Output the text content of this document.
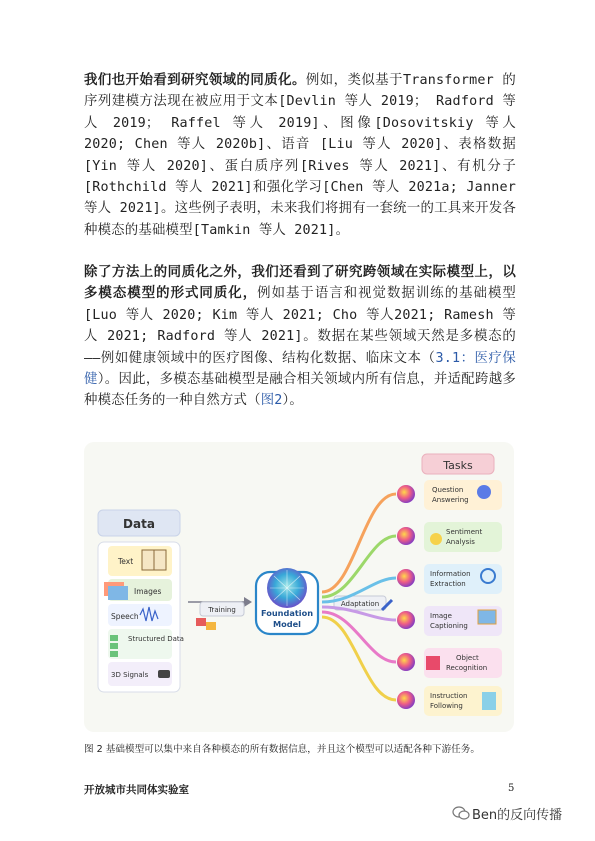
我们也开始看到研究领域的同质化。例如，类似基于Transformer 的序列建模方法现在被应用于文本[Devlin 等人 2019； Radford 等人 2019； Raffel 等人 2019]、图像[Dosovitskiy 等人 2020; Chen 等人 2020b]、语音 [Liu 等人 2020]、表格数据 [Yin 等人 2020]、蛋白质序列[Rives 等人 2021]、有机分子[Rothchild 等人 2021]和强化学习[Chen 等人 2021a; Janner 等人 2021]。这些例子表明，未来我们将拥有一套统一的工具来开发各种模态的基础模型[Tamkin 等人 2021]。
除了方法上的同质化之外，我们还看到了研究跨领域在实际模型上，以多模态模型的形式同质化，例如基于语言和视觉数据训练的基础模型[Luo 等人 2020; Kim 等人 2021; Cho 等人2021; Ramesh 等人 2021; Radford 等人 2021]。数据在某些领域天然是多模态的——例如健康领域中的医疗图像、结构化数据、临床文本（3.1：医疗保健）。因此，多模态基础模型是融合相关领域内所有信息，并适配跨越多种模态任务的一种自然方式（图2）。
Data
Text
Images
Speech
Structured Data
3D Signals
Training	Foundation
Model
Adaptation
Tasks
Question
Answering
Sentiment
Analysis
Information
Extraction
Image
Captioning
Object
Recognition
Instruction
Following
图 2 基础模型可以集中来自各种模态的所有数据信息，并且这个模型可以适配各种下游任务。
开放城市共同体实验室	5
Ben的反向传播
